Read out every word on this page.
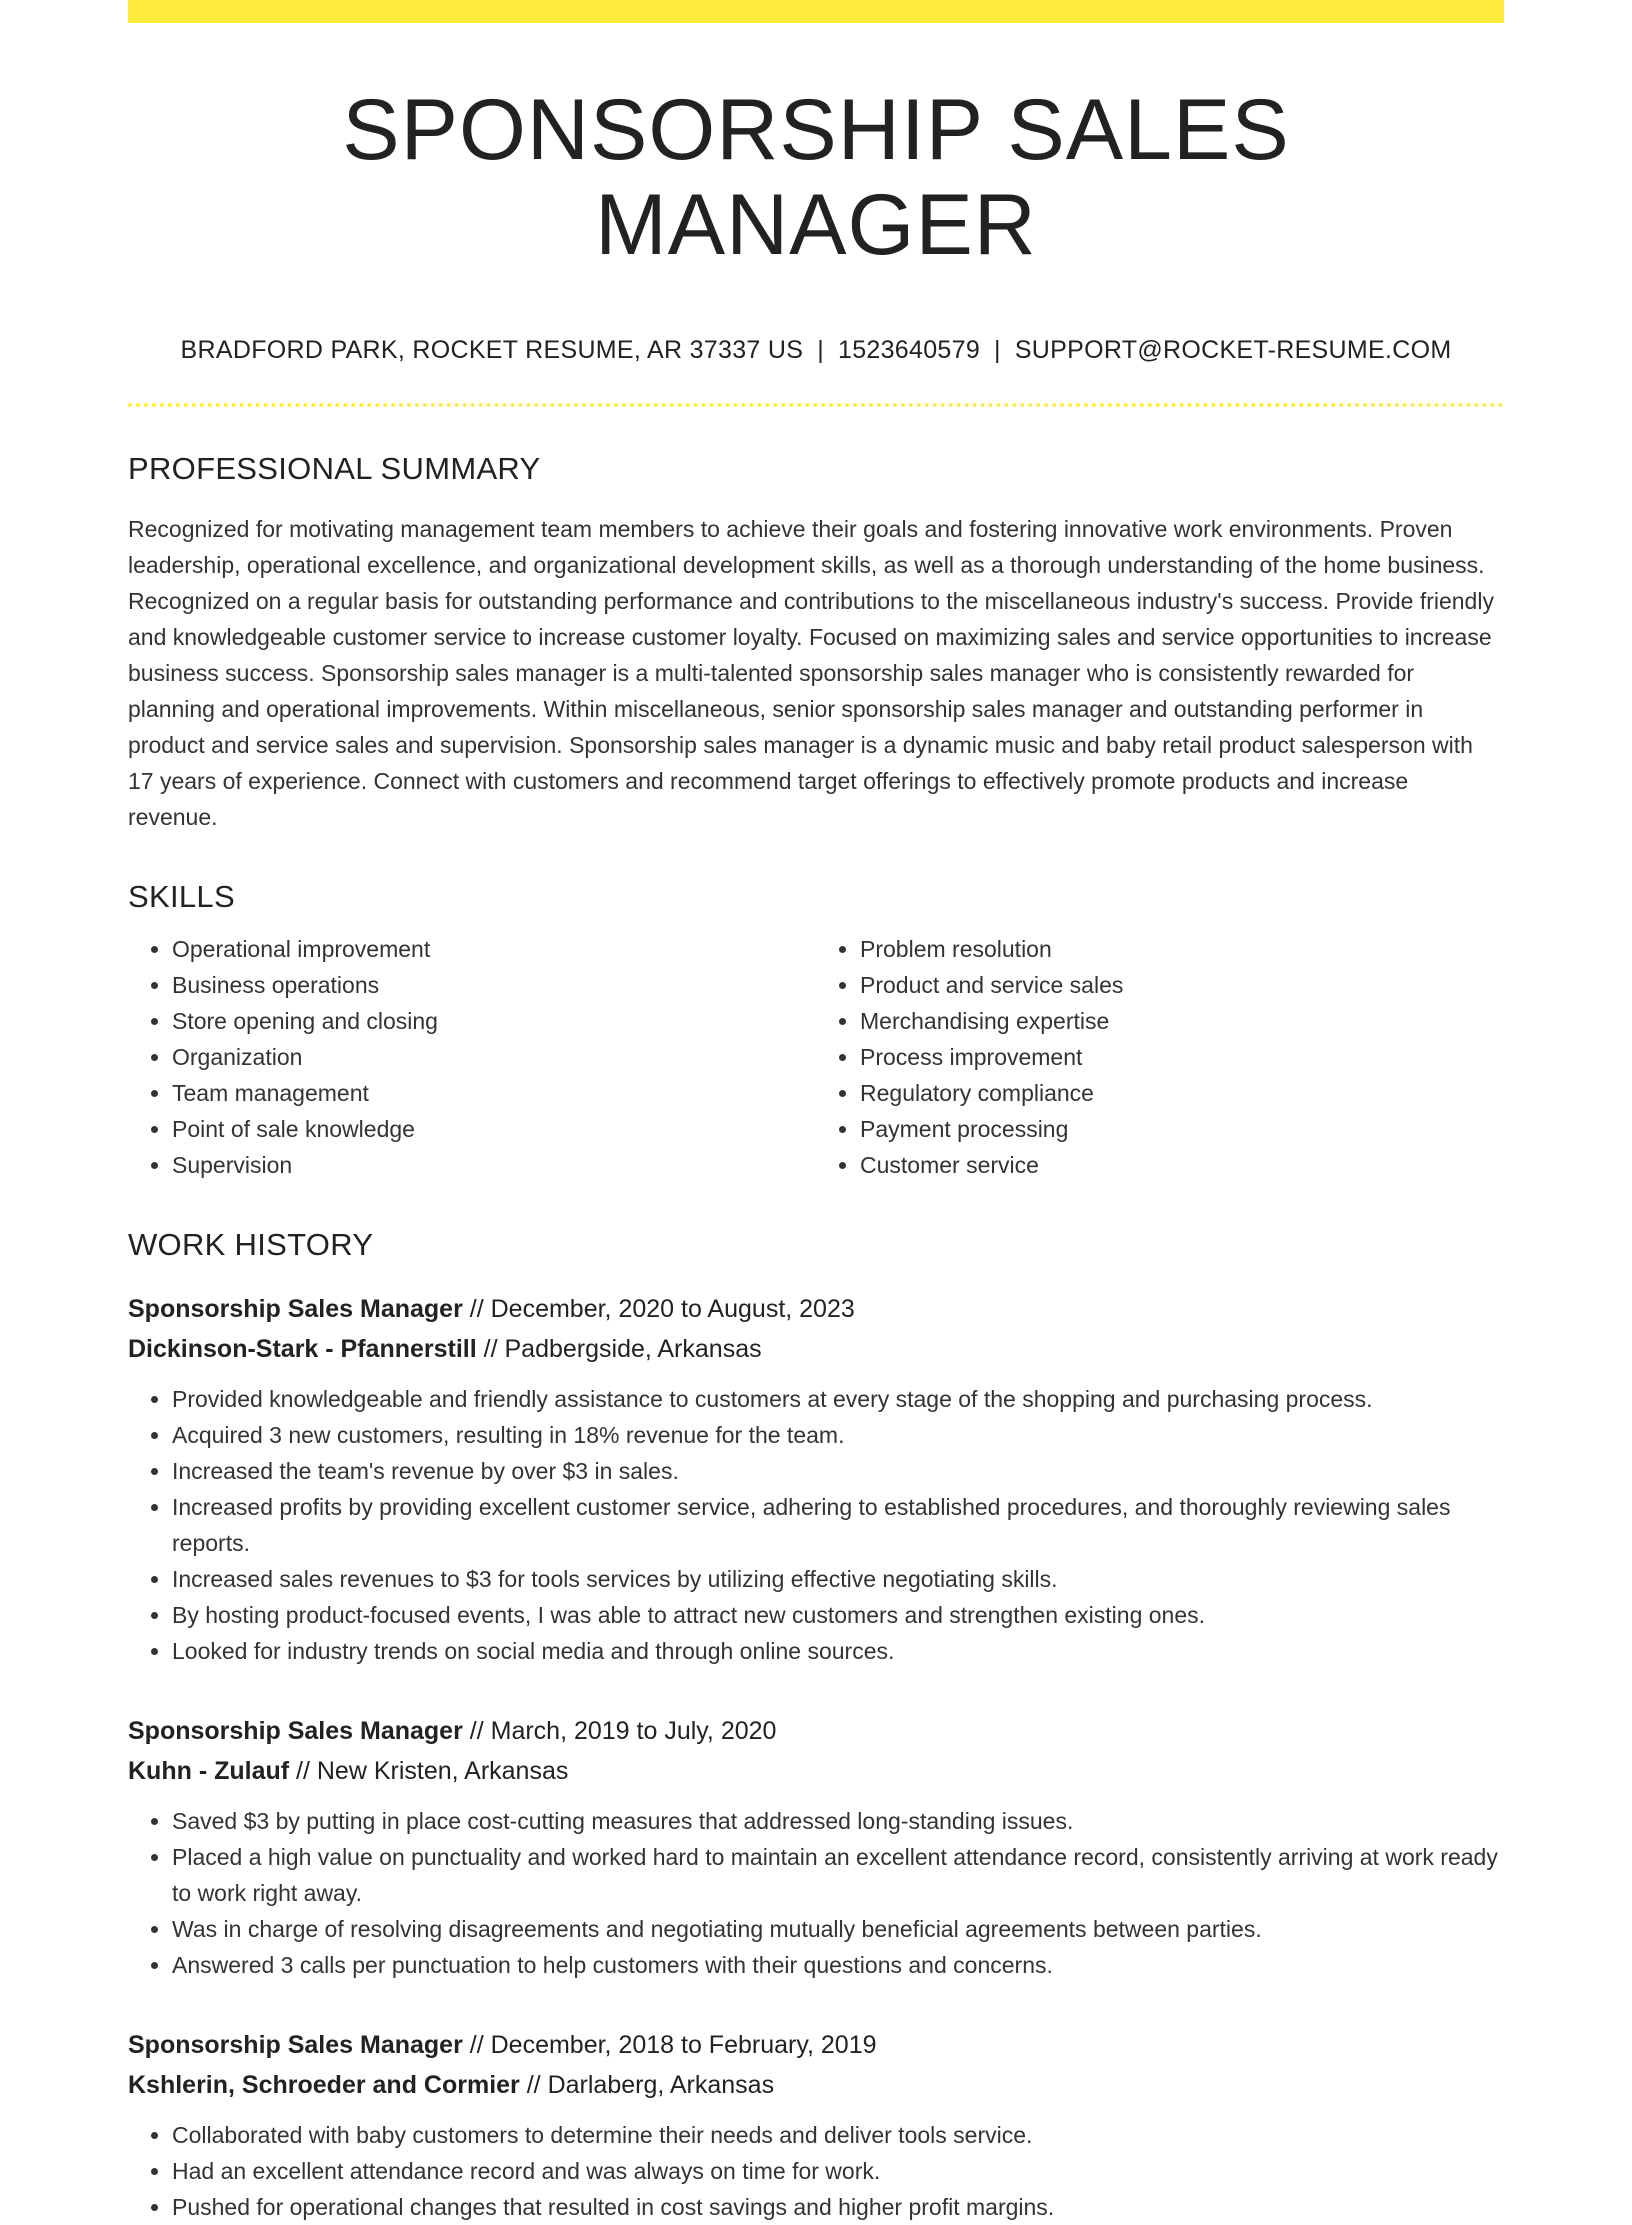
SPONSORSHIP SALES MANAGER
BRADFORD PARK, ROCKET RESUME, AR 37337 US | 1523640579 | SUPPORT@ROCKET-RESUME.COM
PROFESSIONAL SUMMARY

Recognized for motivating management team members to achieve their goals and fostering innovative work environments. Proven leadership, operational excellence, and organizational development skills, as well as a thorough understanding of the home business. Recognized on a regular basis for outstanding performance and contributions to the miscellaneous industry's success. Provide friendly and knowledgeable customer service to increase customer loyalty. Focused on maximizing sales and service opportunities to increase business success. Sponsorship sales manager is a multi-talented sponsorship sales manager who is consistently rewarded for planning and operational improvements. Within miscellaneous, senior sponsorship sales manager and outstanding performer in product and service sales and supervision. Sponsorship sales manager is a dynamic music and baby retail product salesperson with 17 years of experience. Connect with customers and recommend target offerings to effectively promote products and increase revenue.

SKILLS
• Operational improvement
• Business operations
• Store opening and closing
• Organization
• Team management
• Point of sale knowledge
• Supervision
• Problem resolution
• Product and service sales
• Merchandising expertise
• Process improvement
• Regulatory compliance
• Payment processing
• Customer service
WORK HISTORY
Sponsorship Sales Manager // December, 2020 to August, 2023
Dickinson-Stark - Pfannerstill // Padbergside, Arkansas
• Provided knowledgeable and friendly assistance to customers at every stage of the shopping and purchasing process.
• Acquired 3 new customers, resulting in 18% revenue for the team.
• Increased the team's revenue by over $3 in sales.
• Increased profits by providing excellent customer service, adhering to established procedures, and thoroughly reviewing sales reports.
• Increased sales revenues to $3 for tools services by utilizing effective negotiating skills.
• By hosting product-focused events, I was able to attract new customers and strengthen existing ones.
• Looked for industry trends on social media and through online sources.
Sponsorship Sales Manager // March, 2019 to July, 2020
Kuhn - Zulauf // New Kristen, Arkansas
• Saved $3 by putting in place cost-cutting measures that addressed long-standing issues.
• Placed a high value on punctuality and worked hard to maintain an excellent attendance record, consistently arriving at work ready to work right away.
• Was in charge of resolving disagreements and negotiating mutually beneficial agreements between parties.
• Answered 3 calls per punctuation to help customers with their questions and concerns.
Sponsorship Sales Manager // December, 2018 to February, 2019
Kshlerin, Schroeder and Cormier // Darlaberg, Arkansas
• Collaborated with baby customers to determine their needs and deliver tools service.
• Had an excellent attendance record and was always on time for work.
• Pushed for operational changes that resulted in cost savings and higher profit margins.
